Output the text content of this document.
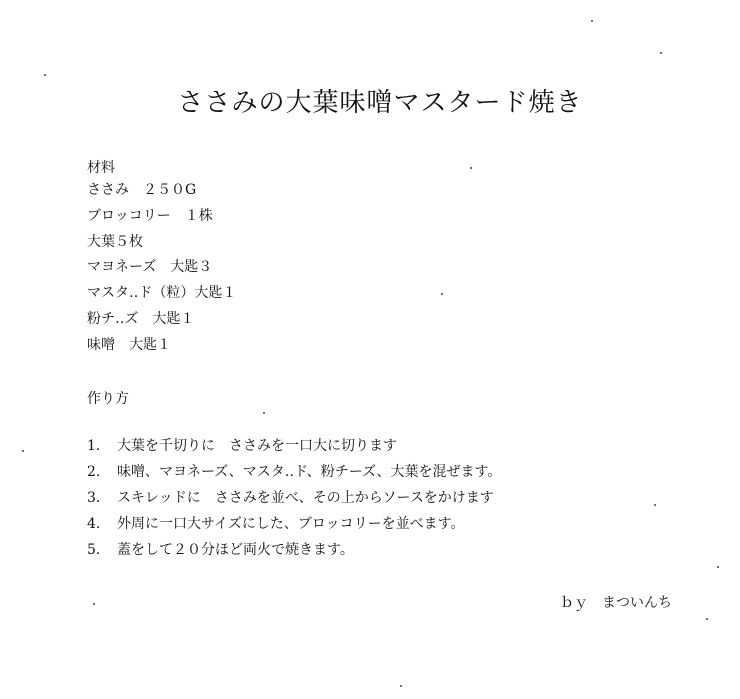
ささみの大葉味噌マスタード焼き
材料
ささみ　２５０G
ブロッコリー　１株
大葉５枚
マヨネーズ　大匙３
マスタ‥ド（粒）大匙１
粉チ‥ズ　大匙１
味噌　大匙１
作り方
1. 大葉を千切りに　ささみを一口大に切ります
2. 味噌、マヨネーズ、マスタ‥ド、粉チーズ、大葉を混ぜます。
3. スキレッドに　ささみを並べ、その上からソースをかけます
4. 外周に一口大サイズにした、ブロッコリーを並べます。
5. 蓋をして２０分ほど両火で焼きます。
ｂｙ　まついんち
